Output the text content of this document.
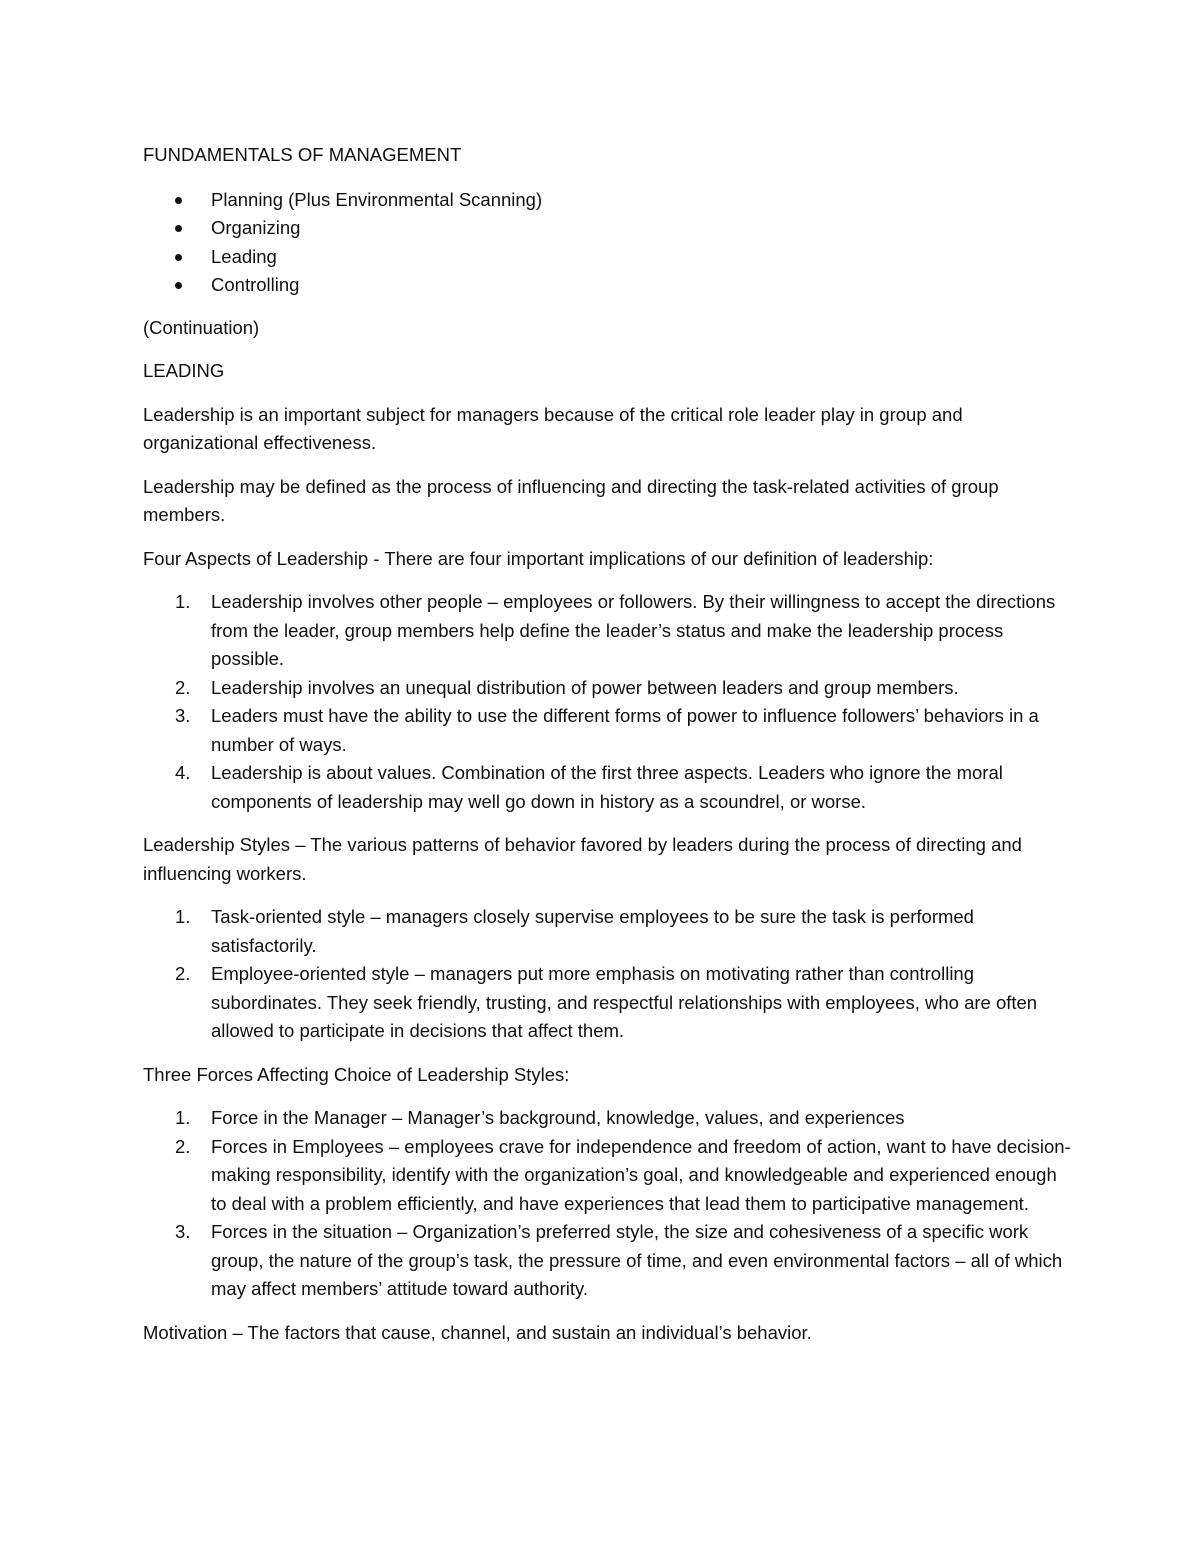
FUNDAMENTALS OF MANAGEMENT

Planning (Plus Environmental Scanning)
Organizing
Leading
Controlling

(Continuation)

LEADING

Leadership is an important subject for managers because of the critical role leader play in group and organizational effectiveness.

Leadership may be defined as the process of influencing and directing the task-related activities of group members.

Four Aspects of Leadership - There are four important implications of our definition of leadership:

1. Leadership involves other people – employees or followers. By their willingness to accept the directions from the leader, group members help define the leader’s status and make the leadership process possible.
2. Leadership involves an unequal distribution of power between leaders and group members.
3. Leaders must have the ability to use the different forms of power to influence followers’ behaviors in a number of ways.
4. Leadership is about values. Combination of the first three aspects. Leaders who ignore the moral components of leadership may well go down in history as a scoundrel, or worse.

Leadership Styles – The various patterns of behavior favored by leaders during the process of directing and influencing workers.

1. Task-oriented style – managers closely supervise employees to be sure the task is performed satisfactorily.
2. Employee-oriented style – managers put more emphasis on motivating rather than controlling subordinates. They seek friendly, trusting, and respectful relationships with employees, who are often allowed to participate in decisions that affect them.

Three Forces Affecting Choice of Leadership Styles:

1. Force in the Manager – Manager’s background, knowledge, values, and experiences
2. Forces in Employees – employees crave for independence and freedom of action, want to have decision-making responsibility, identify with the organization’s goal, and knowledgeable and experienced enough to deal with a problem efficiently, and have experiences that lead them to participative management.
3. Forces in the situation – Organization’s preferred style, the size and cohesiveness of a specific work group, the nature of the group’s task, the pressure of time, and even environmental factors – all of which may affect members’ attitude toward authority.

Motivation – The factors that cause, channel, and sustain an individual’s behavior.
